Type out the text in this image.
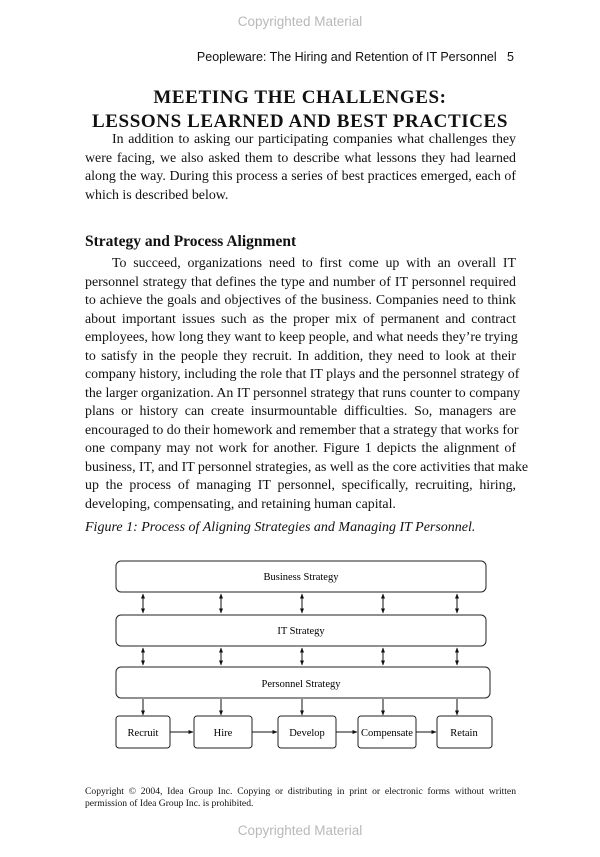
Copyrighted Material
Peopleware: The Hiring and Retention of IT Personnel   5
MEETING THE CHALLENGES:
LESSONS LEARNED AND BEST PRACTICES
In addition to asking our participating companies what challenges they
were facing, we also asked them to describe what lessons they had learned
along the way. During this process a series of best practices emerged, each of
which is described below.
Strategy and Process Alignment
To succeed, organizations need to first come up with an overall IT
personnel strategy that defines the type and number of IT personnel required
to achieve the goals and objectives of the business. Companies need to think
about important issues such as the proper mix of permanent and contract
employees, how long they want to keep people, and what needs they’re trying
to satisfy in the people they recruit. In addition, they need to look at their
company history, including the role that IT plays and the personnel strategy of
the larger organization. An IT personnel strategy that runs counter to company
plans or history can create insurmountable difficulties. So, managers are
encouraged to do their homework and remember that a strategy that works for
one company may not work for another. Figure 1 depicts the alignment of
business, IT, and IT personnel strategies, as well as the core activities that make
up the process of managing IT personnel, specifically, recruiting, hiring,
developing, compensating, and retaining human capital.
Figure 1: Process of Aligning Strategies and Managing IT Personnel.
Business Strategy
IT Strategy
Personnel Strategy
Recruit	Hire	Develop	Compensate	Retain
Copyright © 2004, Idea Group Inc. Copying or distributing in print or electronic forms without written
permission of Idea Group Inc. is prohibited.
Copyrighted Material
